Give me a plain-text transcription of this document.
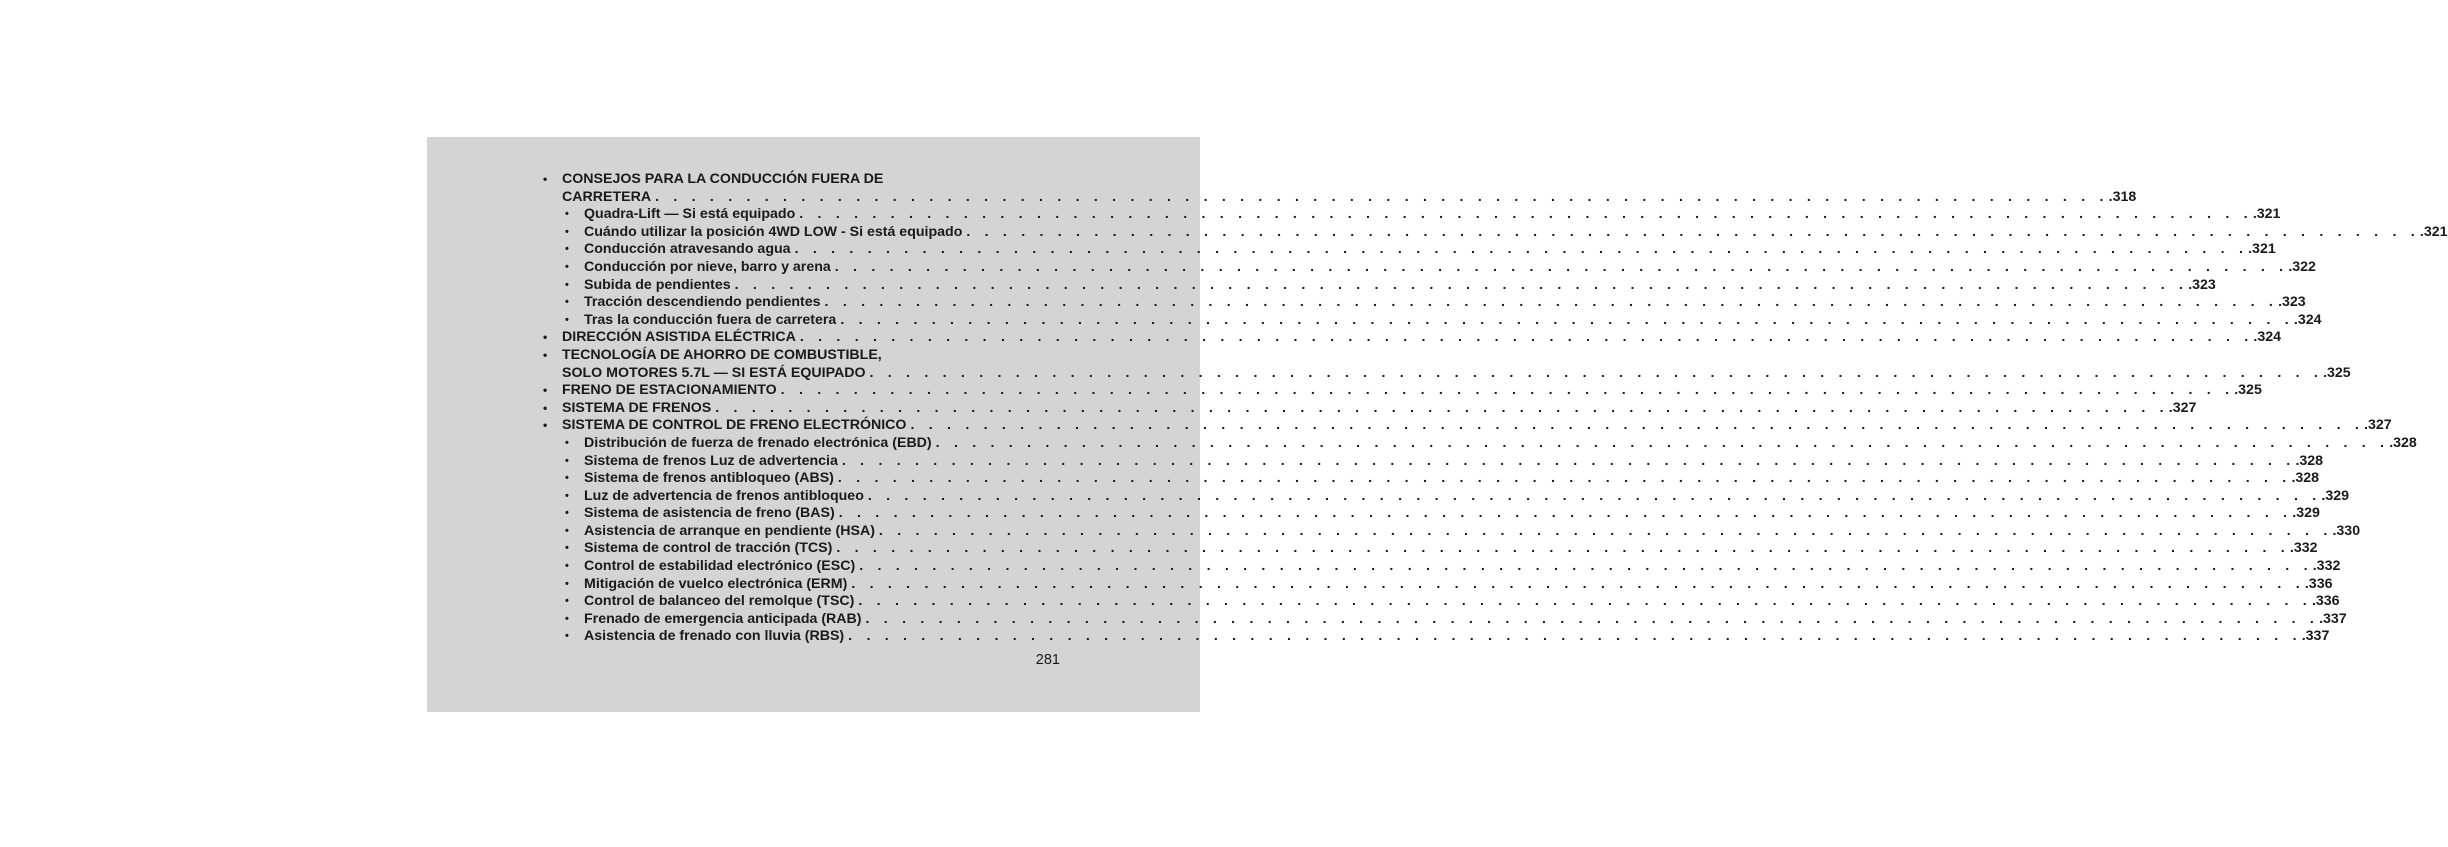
• CONSEJOS PARA LA CONDUCCIÓN FUERA DE
CARRETERA . . . . . . . . . . . . . . . . . . . . . . . . . . . . . . . . . . . . . . . . . . . . . . . . . . . . . . . . . . . . . . . . . . . . . . . . . . . . . . . . .318
• Quadra-Lift — Si está equipado . . . . . . . . . . . . . . . . . . . . . . . . . . . . . . . . . . . . . . . . . . . . . . . . . . . . . . . . . . . . . . . . . . . . . . . . . . . . . . . . .321
• Cuándo utilizar la posición 4WD LOW - Si está equipado . . . . . . . . . . . . . . . . . . . . . . . . . . . . . . . . . . . . . . . . . . . . . . . . . . . . . . . . . . . . . . . . . . . . . . . . . . . . . . . . .321
• Conducción atravesando agua . . . . . . . . . . . . . . . . . . . . . . . . . . . . . . . . . . . . . . . . . . . . . . . . . . . . . . . . . . . . . . . . . . . . . . . . . . . . . . . . .321
• Conducción por nieve, barro y arena . . . . . . . . . . . . . . . . . . . . . . . . . . . . . . . . . . . . . . . . . . . . . . . . . . . . . . . . . . . . . . . . . . . . . . . . . . . . . . . . .322
• Subida de pendientes . . . . . . . . . . . . . . . . . . . . . . . . . . . . . . . . . . . . . . . . . . . . . . . . . . . . . . . . . . . . . . . . . . . . . . . . . . . . . . . . .323
• Tracción descendiendo pendientes . . . . . . . . . . . . . . . . . . . . . . . . . . . . . . . . . . . . . . . . . . . . . . . . . . . . . . . . . . . . . . . . . . . . . . . . . . . . . . . . .323
• Tras la conducción fuera de carretera . . . . . . . . . . . . . . . . . . . . . . . . . . . . . . . . . . . . . . . . . . . . . . . . . . . . . . . . . . . . . . . . . . . . . . . . . . . . . . . . .324
• DIRECCIÓN ASISTIDA ELÉCTRICA . . . . . . . . . . . . . . . . . . . . . . . . . . . . . . . . . . . . . . . . . . . . . . . . . . . . . . . . . . . . . . . . . . . . . . . . . . . . . . . . .324
• TECNOLOGÍA DE AHORRO DE COMBUSTIBLE,
SOLO MOTORES 5.7L — SI ESTÁ EQUIPADO . . . . . . . . . . . . . . . . . . . . . . . . . . . . . . . . . . . . . . . . . . . . . . . . . . . . . . . . . . . . . . . . . . . . . . . . . . . . . . . . .325
• FRENO DE ESTACIONAMIENTO . . . . . . . . . . . . . . . . . . . . . . . . . . . . . . . . . . . . . . . . . . . . . . . . . . . . . . . . . . . . . . . . . . . . . . . . . . . . . . . . .325
• SISTEMA DE FRENOS . . . . . . . . . . . . . . . . . . . . . . . . . . . . . . . . . . . . . . . . . . . . . . . . . . . . . . . . . . . . . . . . . . . . . . . . . . . . . . . . .327
• SISTEMA DE CONTROL DE FRENO ELECTRÓNICO . . . . . . . . . . . . . . . . . . . . . . . . . . . . . . . . . . . . . . . . . . . . . . . . . . . . . . . . . . . . . . . . . . . . . . . . . . . . . . . . .327
• Distribución de fuerza de frenado electrónica (EBD) . . . . . . . . . . . . . . . . . . . . . . . . . . . . . . . . . . . . . . . . . . . . . . . . . . . . . . . . . . . . . . . . . . . . . . . . . . . . . . . . .328
• Sistema de frenos Luz de advertencia . . . . . . . . . . . . . . . . . . . . . . . . . . . . . . . . . . . . . . . . . . . . . . . . . . . . . . . . . . . . . . . . . . . . . . . . . . . . . . . . .328
• Sistema de frenos antibloqueo (ABS) . . . . . . . . . . . . . . . . . . . . . . . . . . . . . . . . . . . . . . . . . . . . . . . . . . . . . . . . . . . . . . . . . . . . . . . . . . . . . . . . .328
• Luz de advertencia de frenos antibloqueo . . . . . . . . . . . . . . . . . . . . . . . . . . . . . . . . . . . . . . . . . . . . . . . . . . . . . . . . . . . . . . . . . . . . . . . . . . . . . . . . .329
• Sistema de asistencia de freno (BAS) . . . . . . . . . . . . . . . . . . . . . . . . . . . . . . . . . . . . . . . . . . . . . . . . . . . . . . . . . . . . . . . . . . . . . . . . . . . . . . . . .329
• Asistencia de arranque en pendiente (HSA) . . . . . . . . . . . . . . . . . . . . . . . . . . . . . . . . . . . . . . . . . . . . . . . . . . . . . . . . . . . . . . . . . . . . . . . . . . . . . . . . .330
• Sistema de control de tracción (TCS) . . . . . . . . . . . . . . . . . . . . . . . . . . . . . . . . . . . . . . . . . . . . . . . . . . . . . . . . . . . . . . . . . . . . . . . . . . . . . . . . .332
• Control de estabilidad electrónico (ESC) . . . . . . . . . . . . . . . . . . . . . . . . . . . . . . . . . . . . . . . . . . . . . . . . . . . . . . . . . . . . . . . . . . . . . . . . . . . . . . . . .332
• Mitigación de vuelco electrónica (ERM) . . . . . . . . . . . . . . . . . . . . . . . . . . . . . . . . . . . . . . . . . . . . . . . . . . . . . . . . . . . . . . . . . . . . . . . . . . . . . . . . .336
• Control de balanceo del remolque (TSC) . . . . . . . . . . . . . . . . . . . . . . . . . . . . . . . . . . . . . . . . . . . . . . . . . . . . . . . . . . . . . . . . . . . . . . . . . . . . . . . . .336
• Frenado de emergencia anticipada (RAB) . . . . . . . . . . . . . . . . . . . . . . . . . . . . . . . . . . . . . . . . . . . . . . . . . . . . . . . . . . . . . . . . . . . . . . . . . . . . . . . . .337
• Asistencia de frenado con lluvia (RBS) . . . . . . . . . . . . . . . . . . . . . . . . . . . . . . . . . . . . . . . . . . . . . . . . . . . . . . . . . . . . . . . . . . . . . . . . . . . . . . . . .337
281
